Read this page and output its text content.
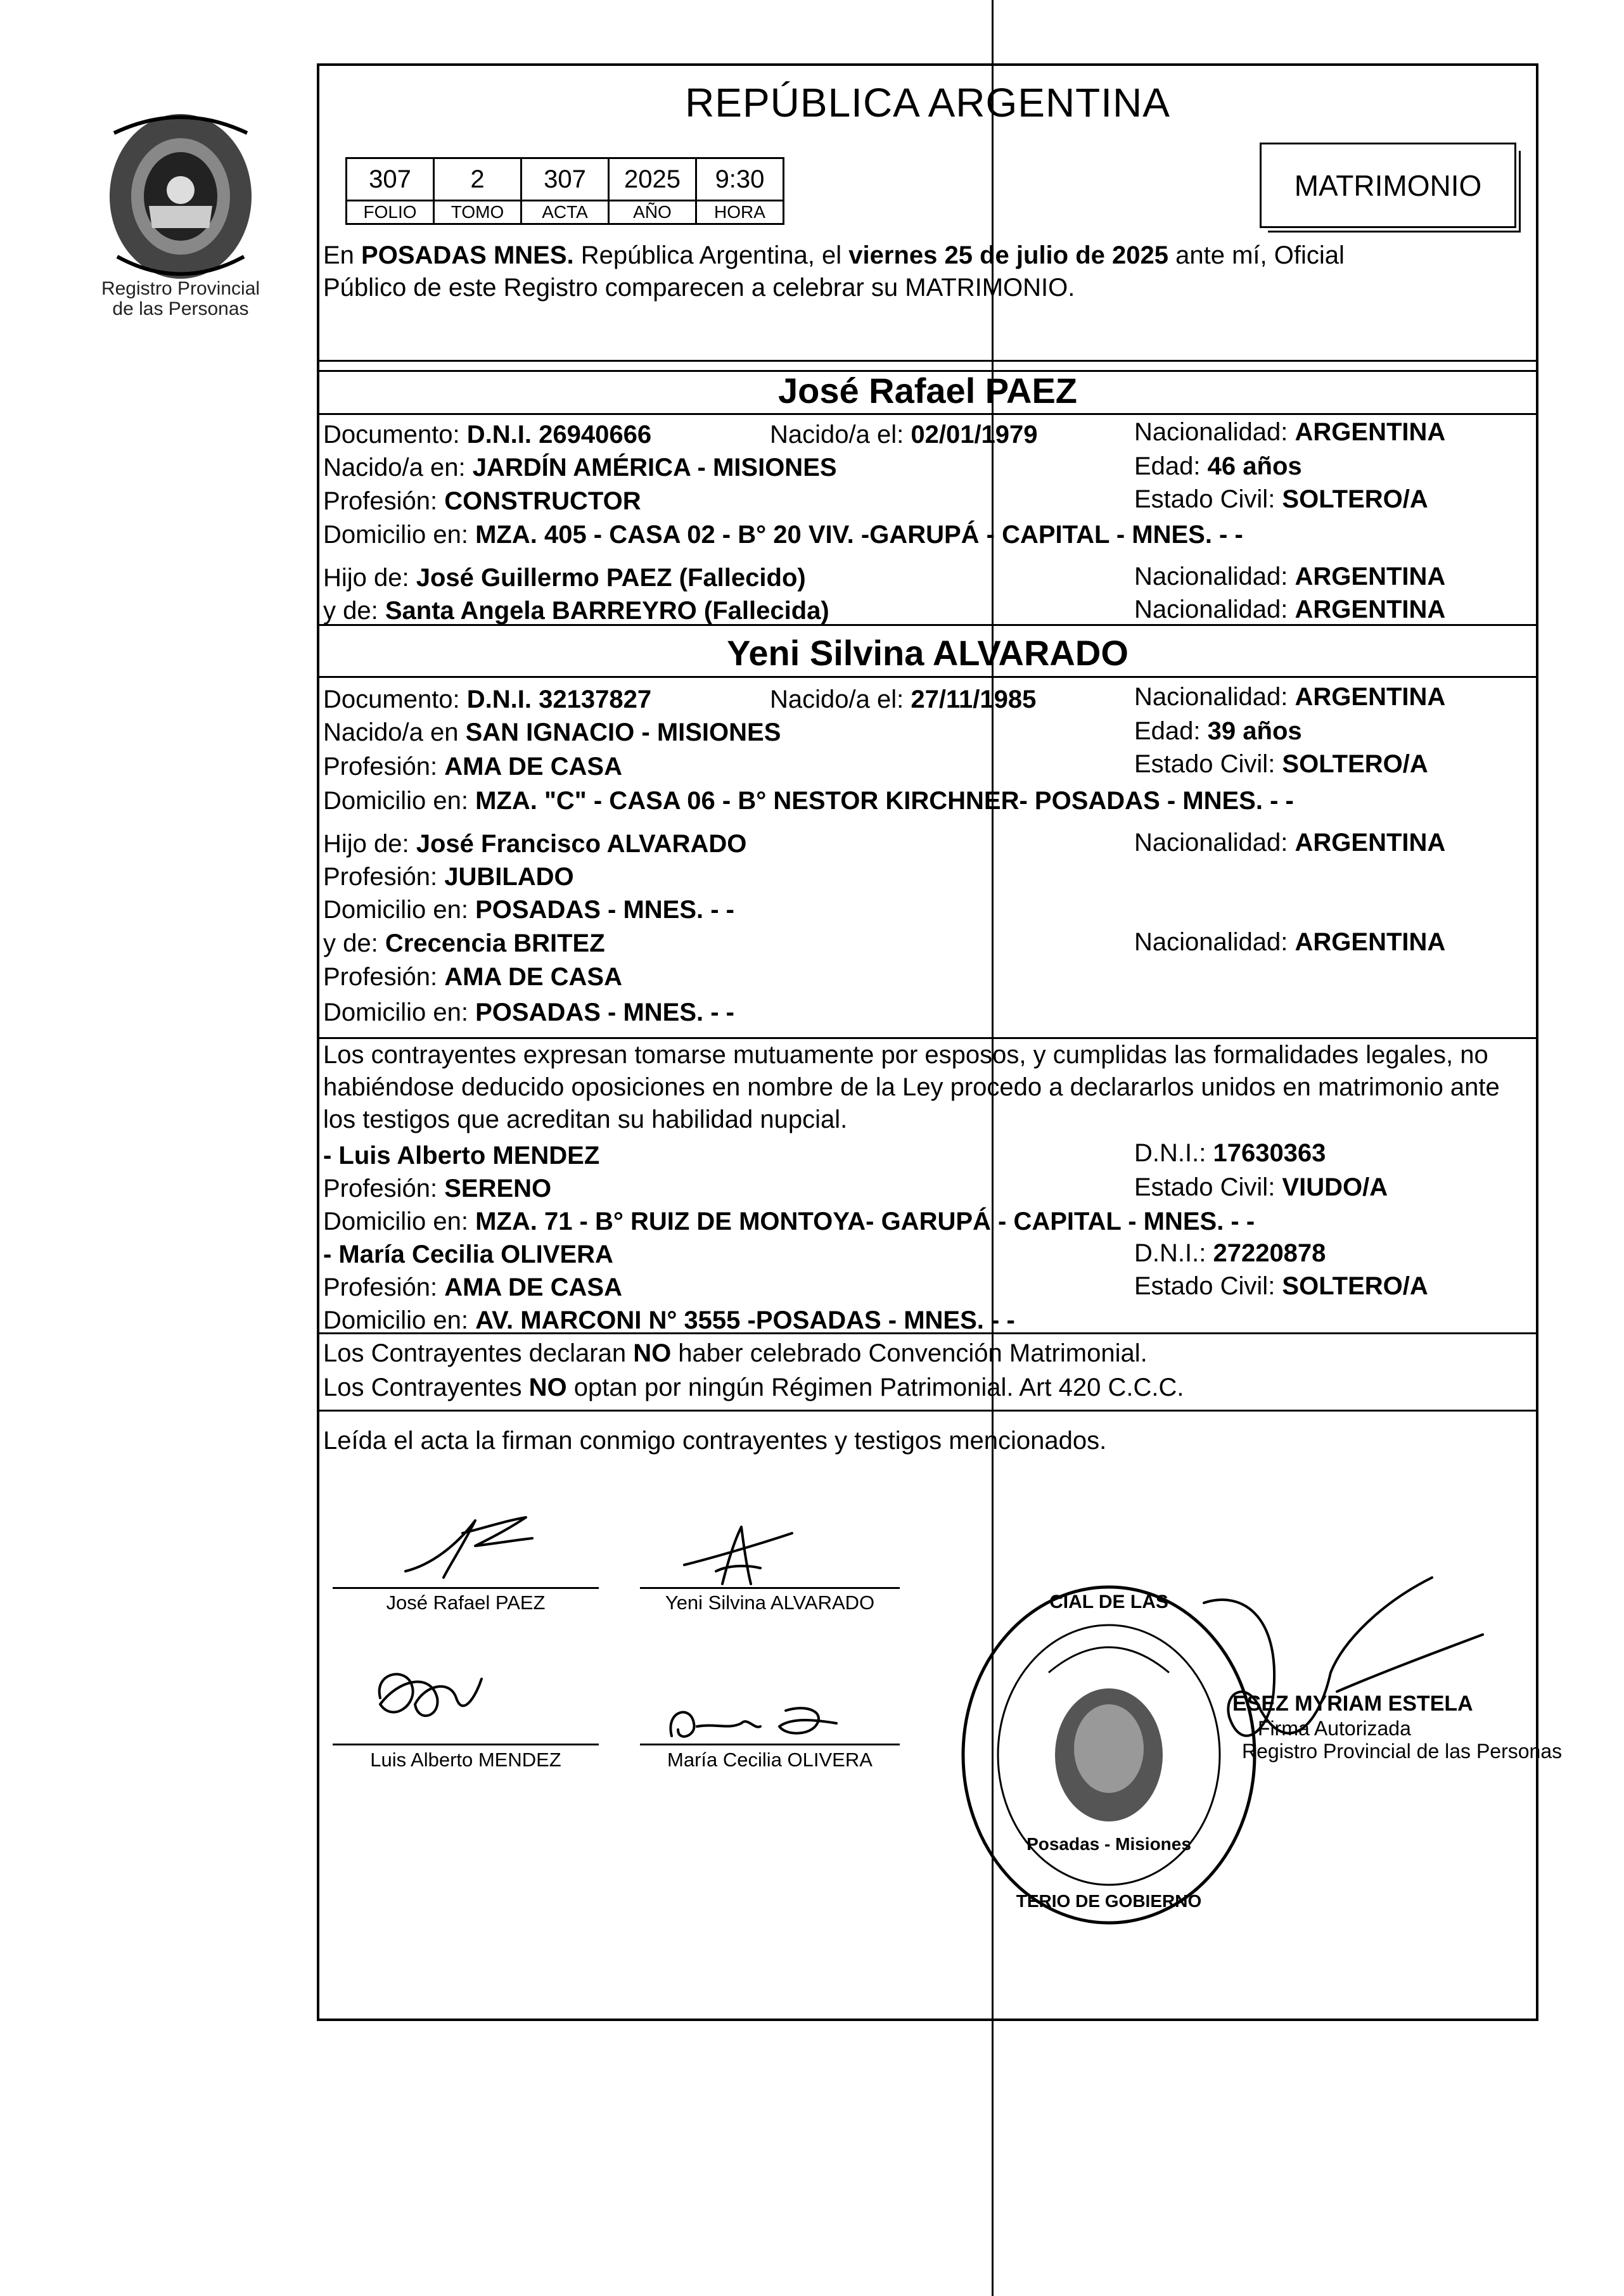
Registro Provincial
de las Personas
REPÚBLICA ARGENTINA
307	2	307	2025	9:30
FOLIO	TOMO	ACTA	AÑO	HORA
MATRIMONIO
En POSADAS MNES. República Argentina, el viernes 25 de julio de 2025 ante mí, Oficial
Público de este Registro comparecen a celebrar su MATRIMONIO.
José Rafael PAEZ
Documento: D.N.I. 26940666	Nacido/a el: 02/01/1979	Nacionalidad: ARGENTINA
Nacido/a en: JARDÍN AMÉRICA - MISIONES	Edad: 46 años
Profesión: CONSTRUCTOR	Estado Civil: SOLTERO/A
Domicilio en: MZA. 405 - CASA 02 - B° 20 VIV. -GARUPÁ - CAPITAL - MNES. - -
Hijo de: José Guillermo PAEZ (Fallecido)	Nacionalidad: ARGENTINA
y de: Santa Angela BARREYRO (Fallecida)	Nacionalidad: ARGENTINA
Yeni Silvina ALVARADO
Documento: D.N.I. 32137827	Nacido/a el: 27/11/1985	Nacionalidad: ARGENTINA
Nacido/a en SAN IGNACIO - MISIONES	Edad: 39 años
Profesión: AMA DE CASA	Estado Civil: SOLTERO/A
Domicilio en: MZA. "C" - CASA 06 - B° NESTOR KIRCHNER- POSADAS - MNES. - -
Hijo de: José Francisco ALVARADO	Nacionalidad: ARGENTINA
Profesión: JUBILADO
Domicilio en: POSADAS - MNES. - -
y de: Crecencia BRITEZ	Nacionalidad: ARGENTINA
Profesión: AMA DE CASA
Domicilio en: POSADAS - MNES. - -
Los contrayentes expresan tomarse mutuamente por esposos, y cumplidas las formalidades legales, no
habiéndose deducido oposiciones en nombre de la Ley procedo a declararlos unidos en matrimonio ante
los testigos que acreditan su habilidad nupcial.
- Luis Alberto MENDEZ	D.N.I.: 17630363
Profesión: SERENO	Estado Civil: VIUDO/A
Domicilio en: MZA. 71 - B° RUIZ DE MONTOYA- GARUPÁ - CAPITAL - MNES. - -
- María Cecilia OLIVERA	D.N.I.: 27220878
Profesión: AMA DE CASA	Estado Civil: SOLTERO/A
Domicilio en: AV. MARCONI N° 3555 -POSADAS - MNES. - -
Los Contrayentes declaran NO haber celebrado Convención Matrimonial.
Los Contrayentes NO optan por ningún Régimen Patrimonial. Art 420 C.C.C.
Leída el acta la firman conmigo contrayentes y testigos mencionados.
José Rafael PAEZ	Yeni Silvina ALVARADO
Luis Alberto MENDEZ	María Cecilia OLIVERA
CIAL DE LAS
TERIO DE GOBIERNO
Posadas - Misiones
ESEZ MYRIAM ESTELA
Firma Autorizada
Registro Provincial de las Personas
